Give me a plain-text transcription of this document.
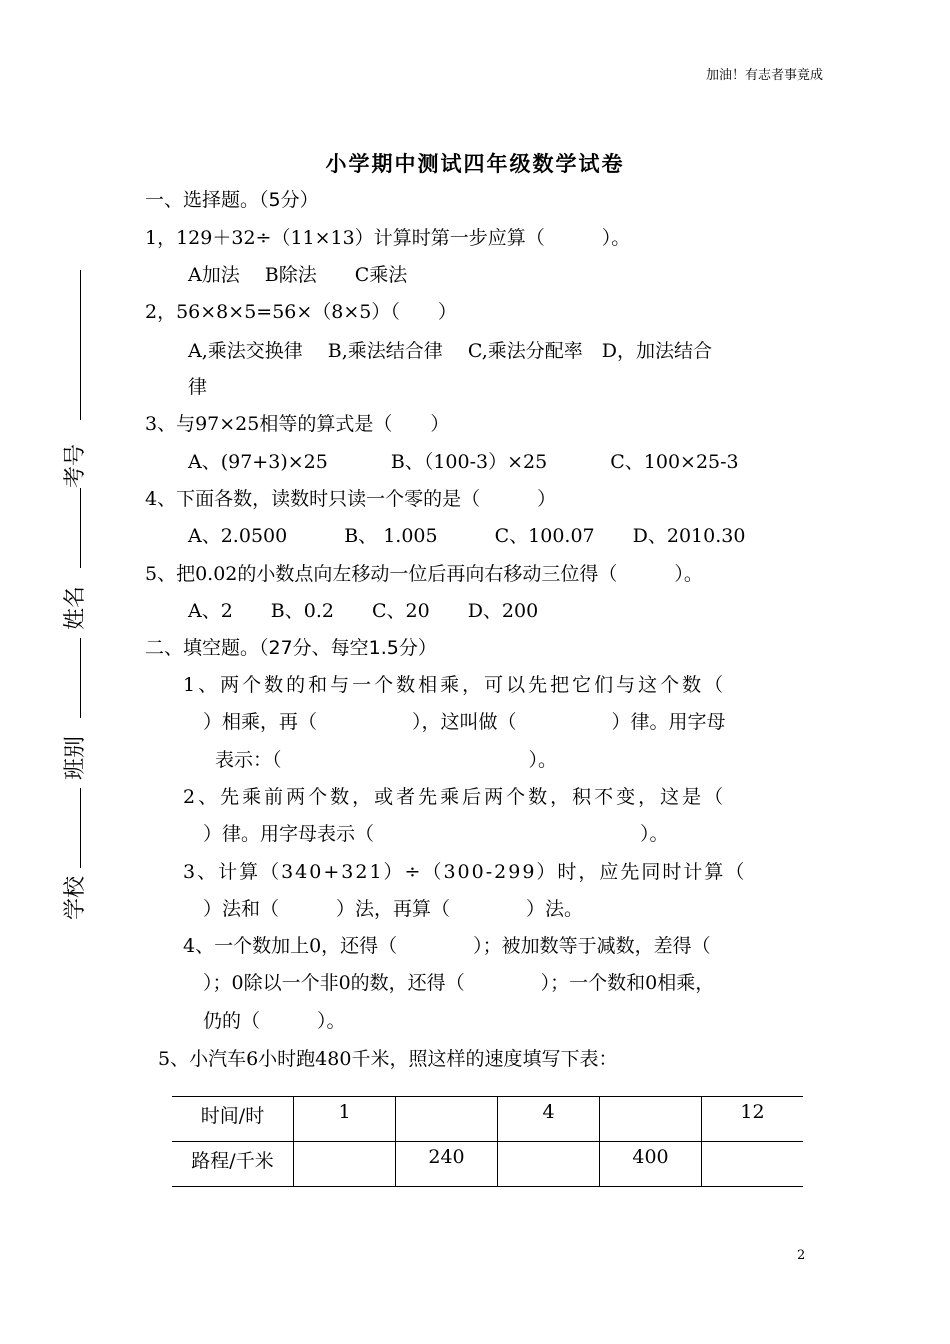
加油！有志者事竟成
小学期中测试四年级数学试卷
考号
姓名
班别
学校
一、选择题。（5分）
1，129＋32÷（11×13）计算时第一步应算（　　　）。
A加法　 B除法　　C乘法
2，56×8×5=56×（8×5）（　　）
A,乘法交换律　 B,乘法结合律　 C,乘法分配率　D，加法结合
律
3、与97×25相等的算式是（　　）
A、(97+3)×25　　　 B、（100-3）×25　　　 C、100×25-3
4、下面各数，读数时只读一个零的是（　　　）
A、2.0500　　　B、 1.005　　　C、100.07　　D、2010.30
5、把0.02的小数点向左移动一位后再向右移动三位得（　　　）。
A、2　　B、0.2　　C、20　　D、200
二、填空题。（27分、每空1.5分）
1、两个数的和与一个数相乘，可以先把它们与这个数（
）相乘，再（　　　　　），这叫做（　　　　　）律。用字母
表示：（　　　　　　　　　　　　　）。
2、先乘前两个数，或者先乘后两个数，积不变，这是（
）律。用字母表示（　　　　　　　　　　　　　　）。
3、计算（340+321）÷（300-299）时，应先同时计算（
）法和（　　　）法，再算（　　　　）法。
4、一个数加上0，还得（　　　　）；被加数等于减数，差得（
）；0除以一个非0的数，还得（　　　　）；一个数和0相乘，
仍的（　　　）。
5、小汽车6小时跑480千米，照这样的速度填写下表：
时间/时	1		4		12
路程/千米		240		400	
2
